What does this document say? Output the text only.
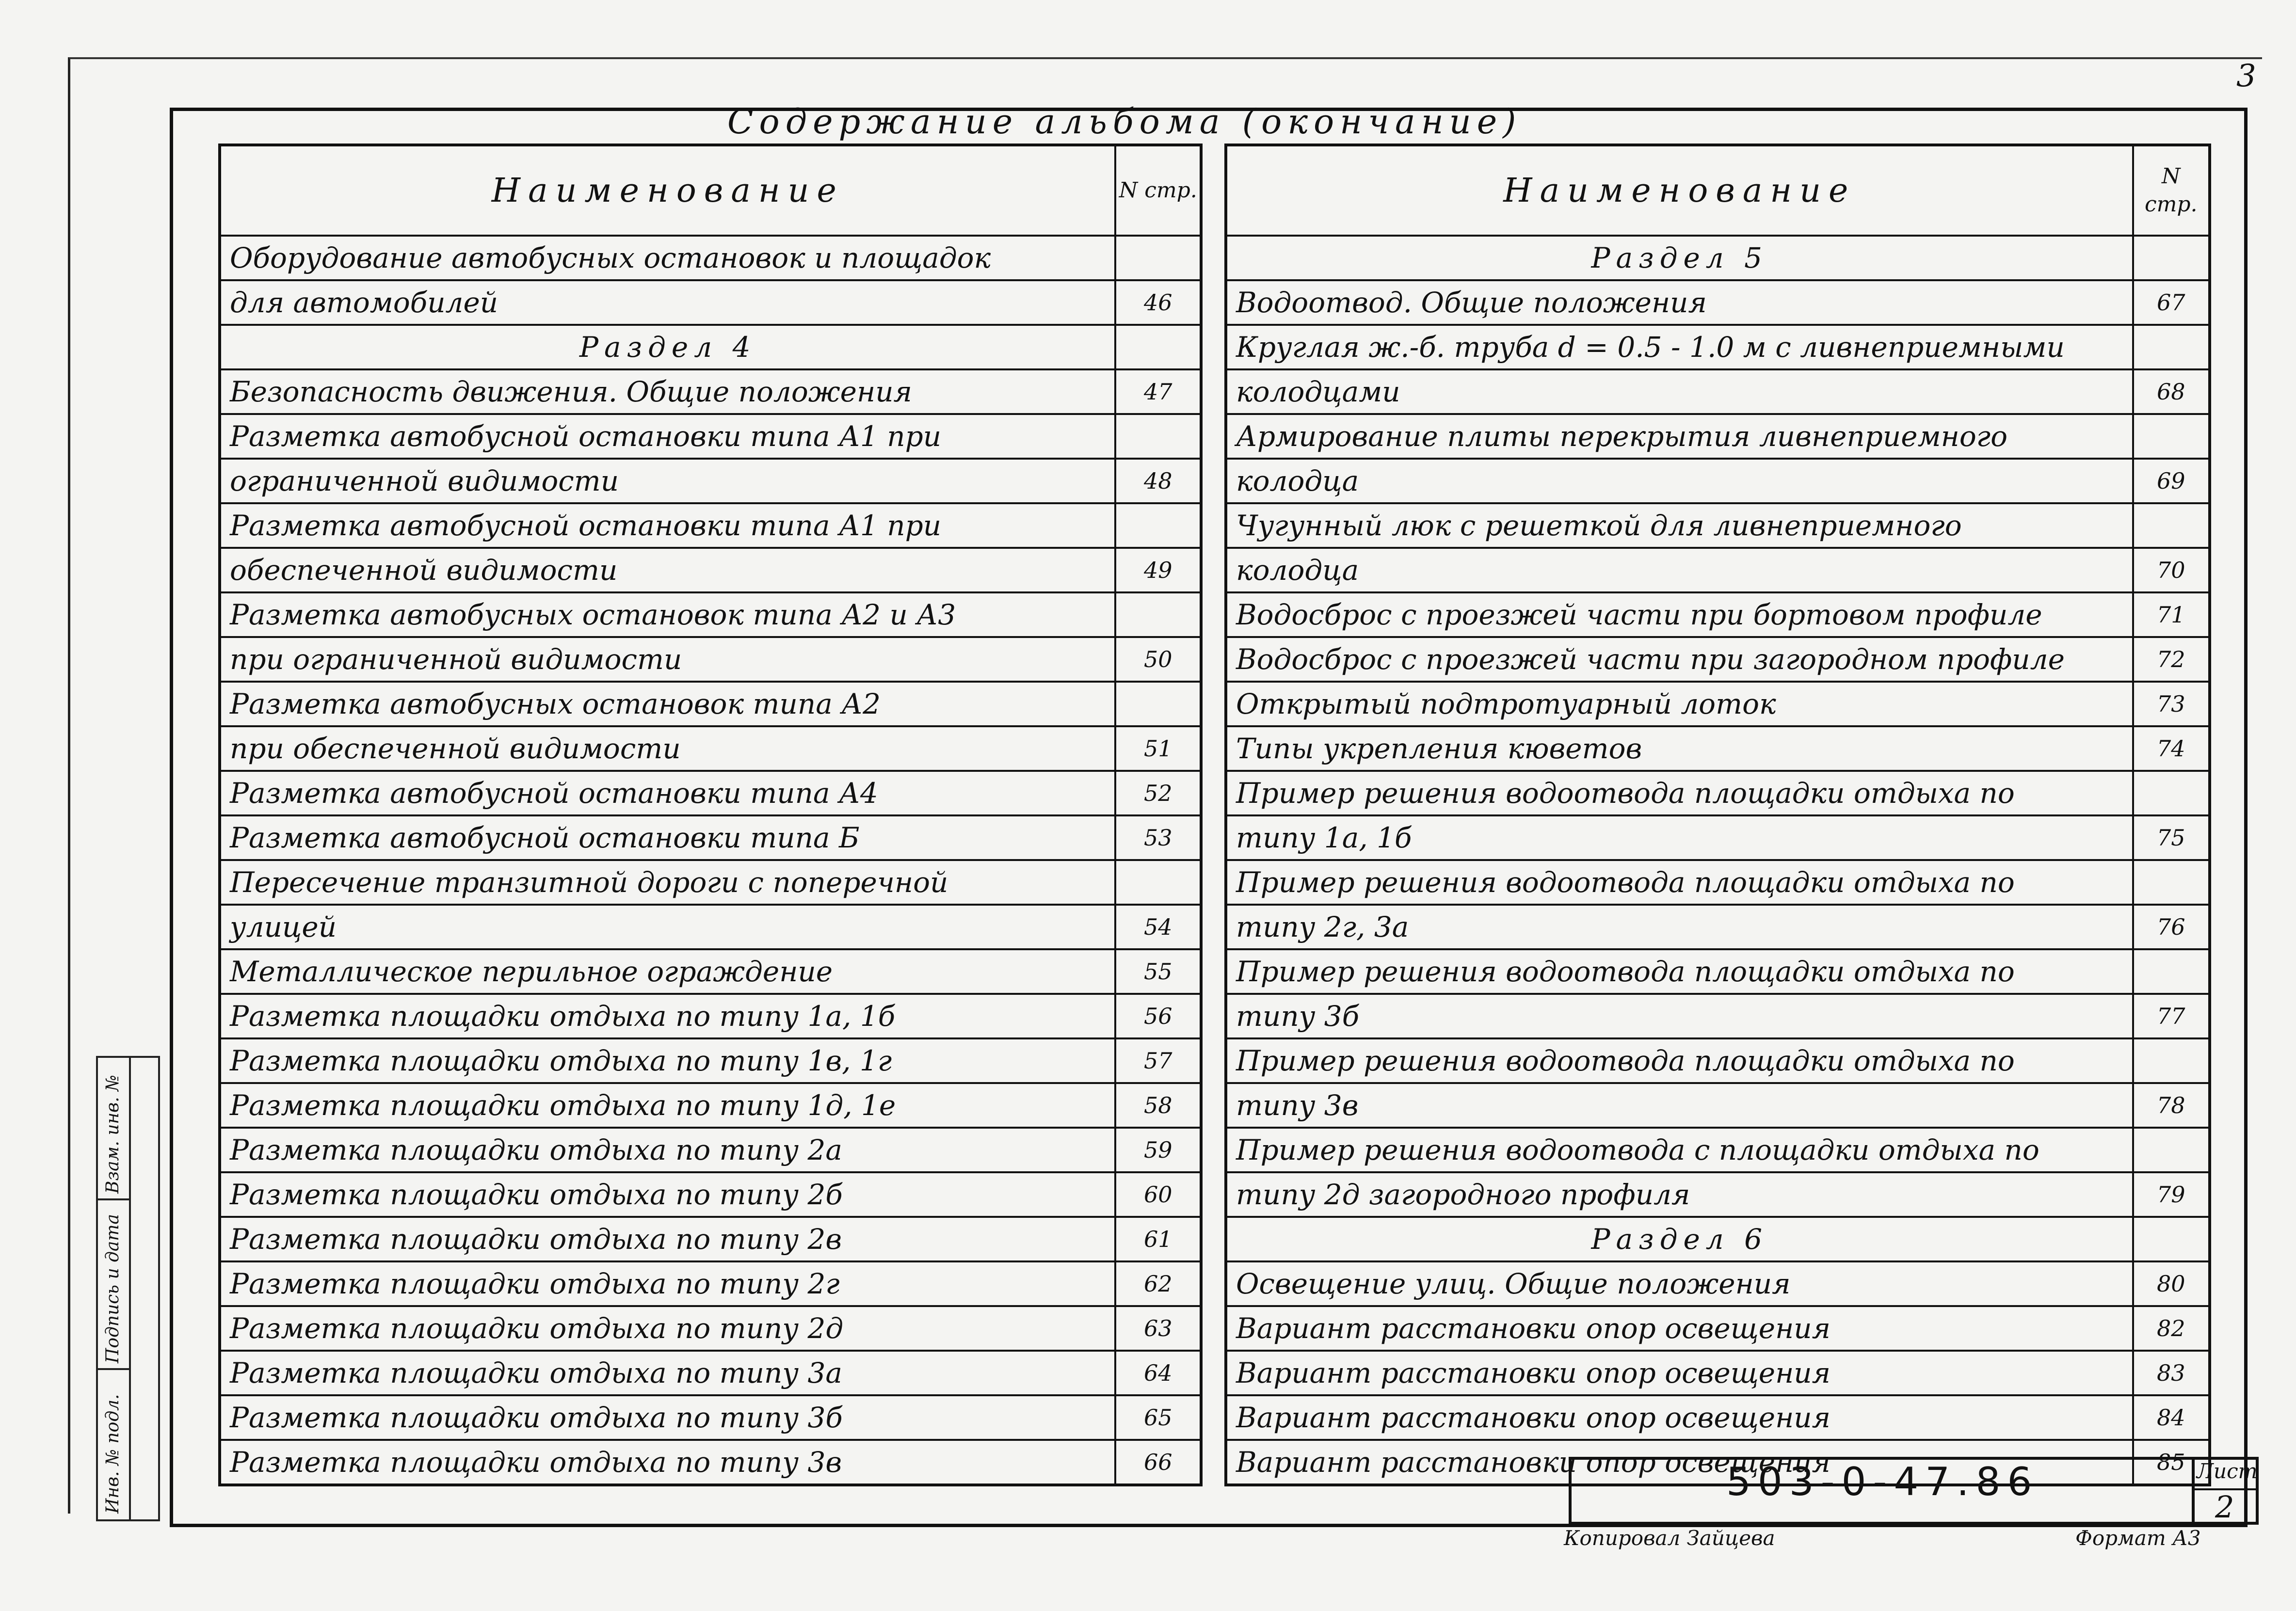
3
Содержание альбома (окончание)
Наименование	N стр.
Оборудование автобусных остановок и площадок	
для автомобилей	46
Раздел 4	
Безопасность движения. Общие положения	47
Разметка автобусной остановки типа А1 при	
ограниченной видимости	48
Разметка автобусной остановки типа А1 при	
обеспеченной видимости	49
Разметка автобусных остановок типа А2 и А3	
при ограниченной видимости	50
Разметка автобусных остановок типа А2	
при обеспеченной видимости	51
Разметка автобусной остановки типа А4	52
Разметка автобусной остановки типа Б	53
Пересечение транзитной дороги с поперечной	
улицей	54
Металлическое перильное ограждение	55
Разметка площадки отдыха по типу 1а, 1б	56
Разметка площадки отдыха по типу 1в, 1г	57
Разметка площадки отдыха по типу 1д, 1е	58
Разметка площадки отдыха по типу 2а	59
Разметка площадки отдыха по типу 2б	60
Разметка площадки отдыха по типу 2в	61
Разметка площадки отдыха по типу 2г	62
Разметка площадки отдыха по типу 2д	63
Разметка площадки отдыха по типу 3а	64
Разметка площадки отдыха по типу 3б	65
Разметка площадки отдыха по типу 3в	66
Наименование	N стр.
Раздел 5	
Водоотвод. Общие положения	67
Круглая ж.-б. труба d = 0.5 - 1.0 м с ливнеприемными	
колодцами	68
Армирование плиты перекрытия ливнеприемного	
колодца	69
Чугунный люк с решеткой для ливнеприемного	
колодца	70
Водосброс с проезжей части при бортовом профиле	71
Водосброс с проезжей части при загородном профиле	72
Открытый подтротуарный лоток	73
Типы укрепления кюветов	74
Пример решения водоотвода площадки отдыха по	
типу 1а, 1б	75
Пример решения водоотвода площадки отдыха по	
типу 2г, 3а	76
Пример решения водоотвода площадки отдыха по	
типу 3б	77
Пример решения водоотвода площадки отдыха по	
типу 3в	78
Пример решения водоотвода с площадки отдыха по	
типу 2д загородного профиля	79
Раздел 6	
Освещение улиц. Общие положения	80
Вариант расстановки опор освещения	82
Вариант расстановки опор освещения	83
Вариант расстановки опор освещения	84
Вариант расстановки опор освещения	85
Взам. инв. №
Подпись и дата
Инв. № подл.	503-0-47.86	Лист
2
Копировал Зайцева	Формат А3
